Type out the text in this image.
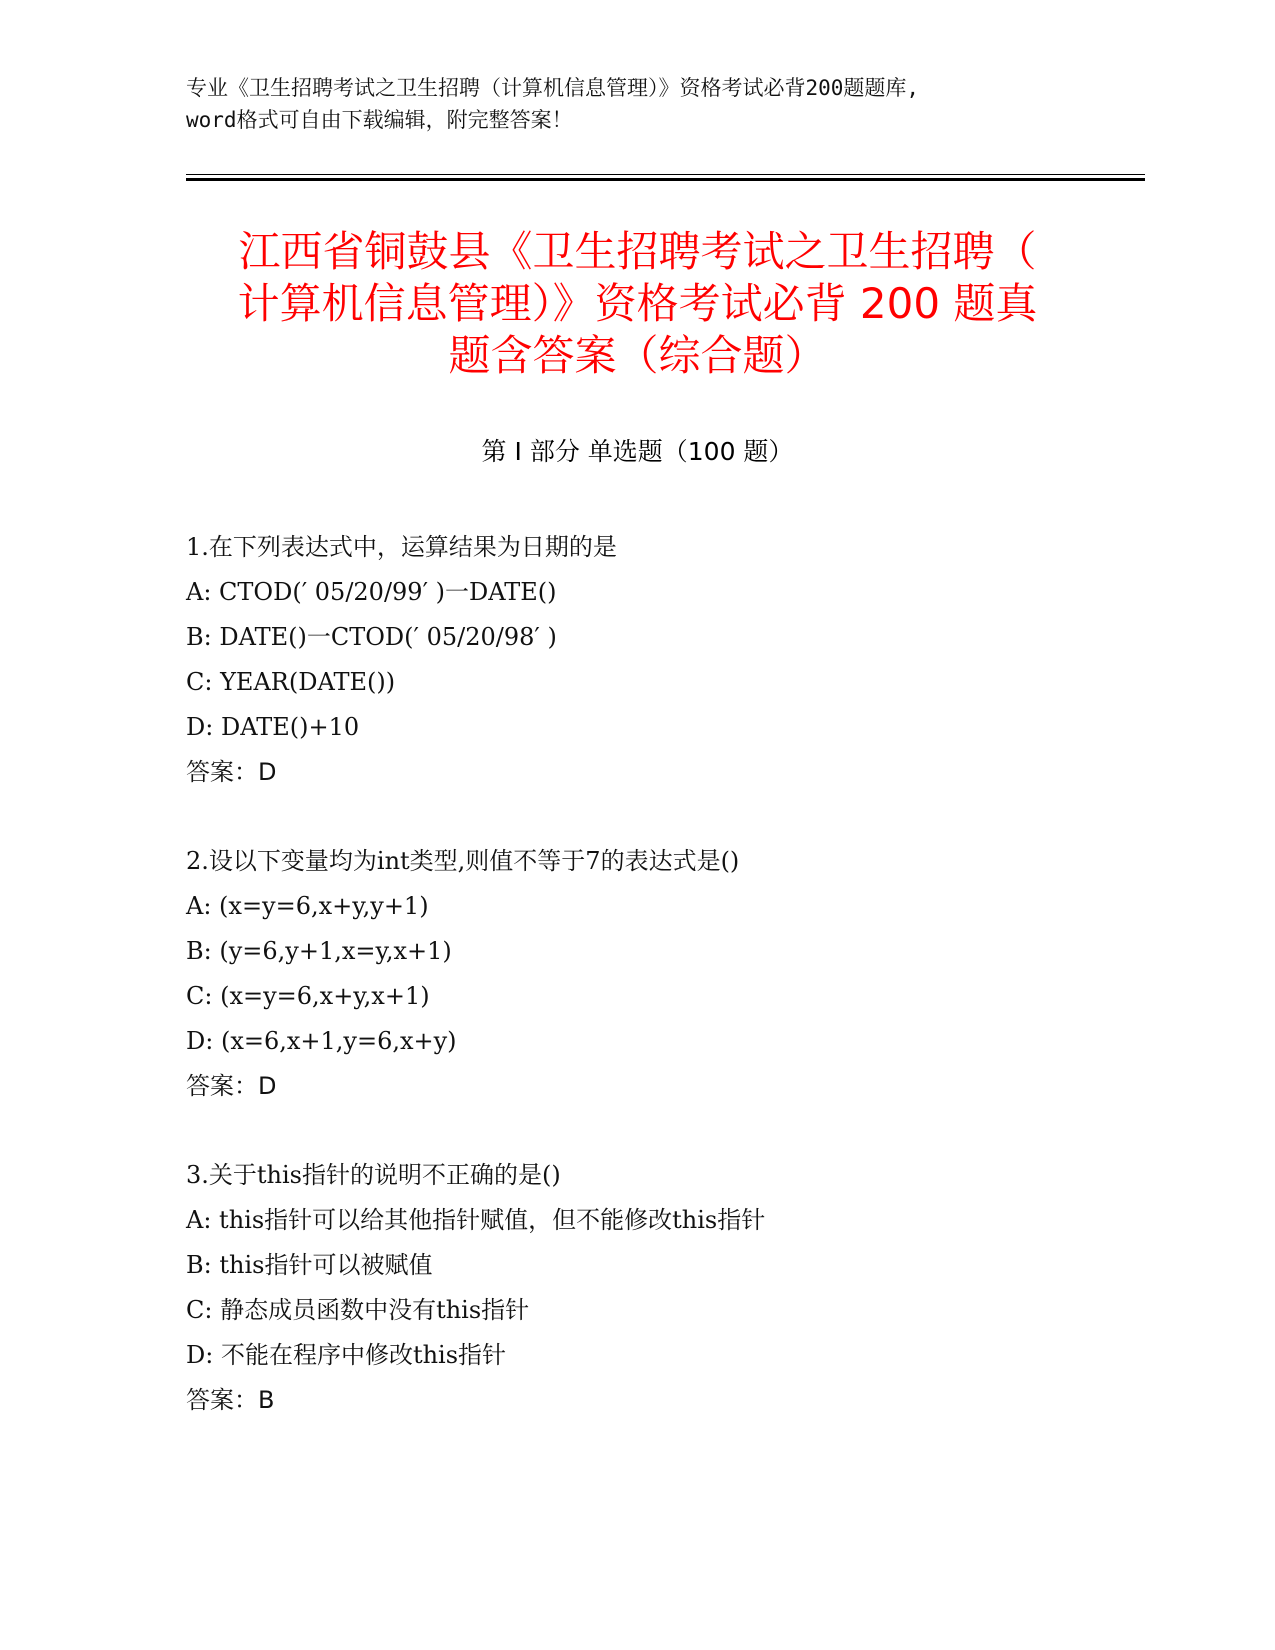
专业《卫生招聘考试之卫生招聘（计算机信息管理）》资格考试必背200题题库,
word格式可自由下载编辑，附完整答案！
江西省铜鼓县《卫生招聘考试之卫生招聘（
计算机信息管理）》资格考试必背 200 题真
题含答案（综合题）
第 I 部分 单选题（100 题）
1.在下列表达式中，运算结果为日期的是
A: CTOD(′ 05/20/99′ )一DATE()
B: DATE()一CTOD(′ 05/20/98′ )
C: YEAR(DATE())
D: DATE()+10
答案：D
2.设以下变量均为int类型,则值不等于7的表达式是()
A: (x=y=6,x+y,y+1)
B: (y=6,y+1,x=y,x+1)
C: (x=y=6,x+y,x+1)
D: (x=6,x+1,y=6,x+y)
答案：D
3.关于this指针的说明不正确的是()
A: this指针可以给其他指针赋值，但不能修改this指针
B: this指针可以被赋值
C: 静态成员函数中没有this指针
D: 不能在程序中修改this指针
答案：B
